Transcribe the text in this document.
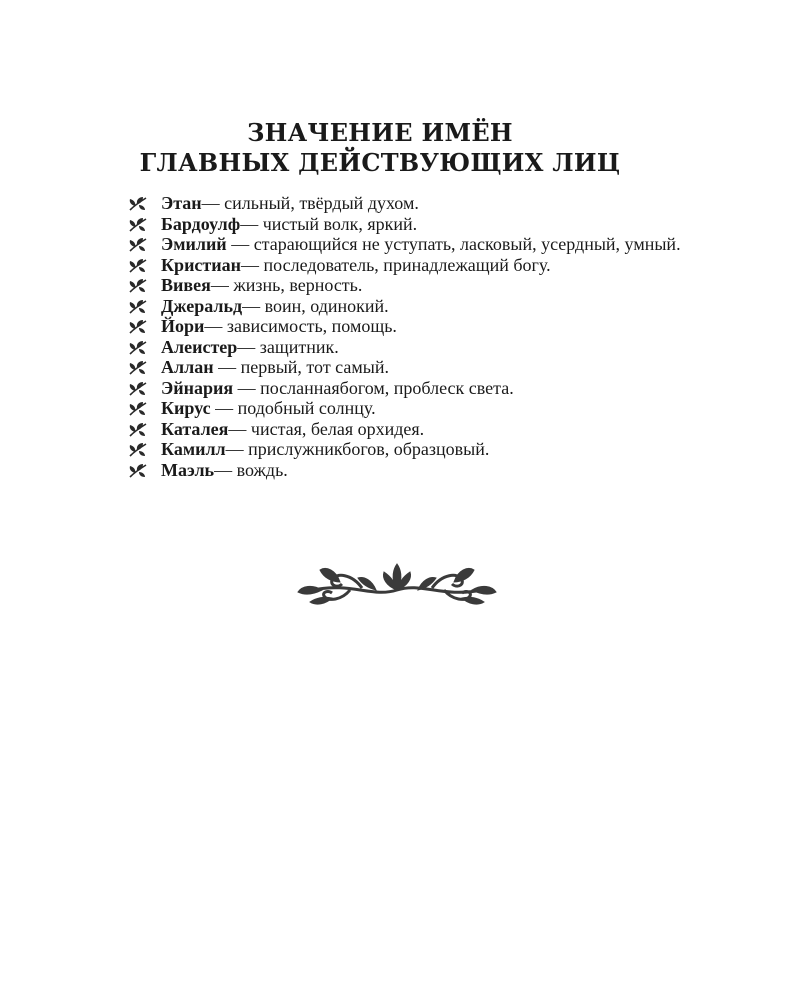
ЗНАЧЕНИЕ ИМЁН
ГЛАВНЫХ ДЕЙСТВУЮЩИХ ЛИЦ
Этан— сильный, твёрдый духом.
Бардоулф— чистый волк, яркий.
Эмилий — старающийся не уступать, ласковый, усердный, умный.
Кристиан— последователь, принадлежащий богу.
Вивея— жизнь, верность.
Джеральд— воин, одинокий.
Йори— зависимость, помощь.
Алеистер— защитник.
Аллан — первый, тот самый.
Эйнария — посланнаябогом, проблеск света.
Кирус — подобный солнцу.
Каталея— чистая, белая орхидея.
Камилл— прислужникбогов, образцовый.
Маэль— вождь.
